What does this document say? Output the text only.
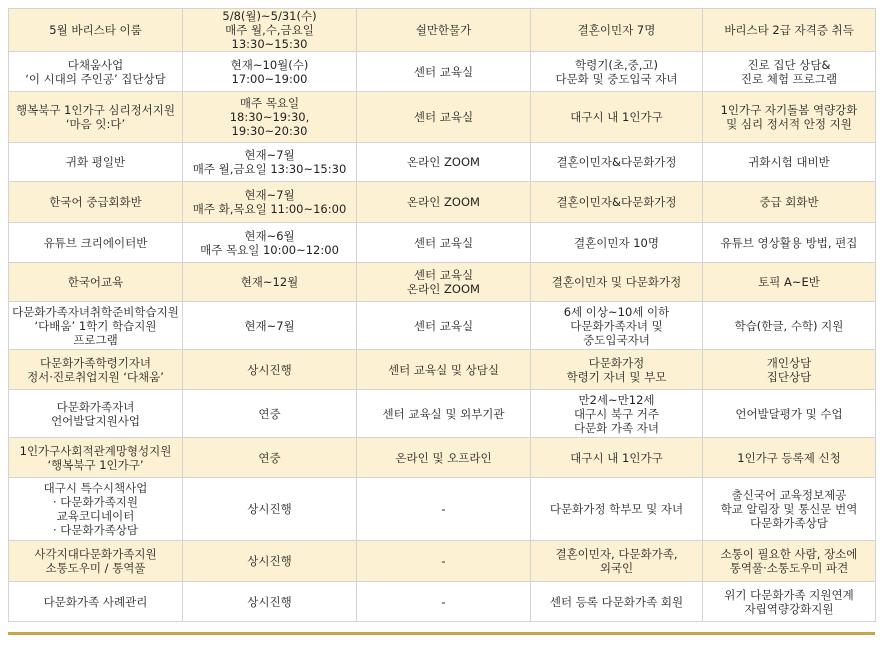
5월 바리스타 이룸	5/8(월)~5/31(수)
매주 월,수,금요일
13:30~15:30	쉴만한물가	결혼이민자 7명	바리스타 2급 자격증 취득
다채움사업
‘이 시대의 주인공’ 집단상담	현재~10월(수)
17:00~19:00	센터 교육실	학령기(초,중,고)
다문화 및 중도입국 자녀	진로 집단 상담&
진로 체험 프로그램
행복북구 1인가구 심리정서지원
‘마음 잇:다’	매주 목요일
18:30~19:30,
19:30~20:30	센터 교육실	대구시 내 1인가구	1인가구 자기돌봄 역량강화
및 심리 정서적 안정 지원
귀화 평일반	현재~7월
매주 월,금요일 13:30~15:30	온라인 ZOOM	결혼이민자&다문화가정	귀화시험 대비반
한국어 중급회화반	현재~7월
매주 화,목요일 11:00~16:00	온라인 ZOOM	결혼이민자&다문화가정	중급 회화반
유튜브 크리에이터반	현재~6월
매주 목요일 10:00~12:00	센터 교육실	결혼이민자 10명	유튜브 영상활용 방법, 편집
한국어교육	현재~12월	센터 교육실
온라인 ZOOM	결혼이민자 및 다문화가정	토픽 A~E반
다문화가족자녀취학준비학습지원
‘다배움’ 1학기 학습지원
프로그램	현재~7월	센터 교육실	6세 이상~10세 이하
다문화가족자녀 및
중도입국자녀	학습(한글, 수학) 지원
다문화가족학령기자녀
정서·진로취업지원 ‘다채움’	상시진행	센터 교육실 및 상담실	다문화가정
학령기 자녀 및 부모	개인상담
집단상담
다문화가족자녀
언어발달지원사업	연중	센터 교육실 및 외부기관	만2세~만12세
대구시 북구 거주
다문화 가족 자녀	언어발달평가 및 수업
1인가구사회적관계망형성지원
‘행복북구 1인가구’	연중	온라인 및 오프라인	대구시 내 1인가구	1인가구 등록제 신청
대구시 특수시책사업
· 다문화가족지원
교육코디네이터
· 다문화가족상담	상시진행	-	다문화가정 학부모 및 자녀	출신국어 교육정보제공
학교 알림장 및 통신문 번역
다문화가족상담
사각지대다문화가족지원
소통도우미 / 통역풀	상시진행	-	결혼이민자, 다문화가족,
외국인	소통이 필요한 사람, 장소에
통역풀·소통도우미 파견
다문화가족 사례관리	상시진행	-	센터 등록 다문화가족 회원	위기 다문화가족 지원연계
자립역량강화지원
